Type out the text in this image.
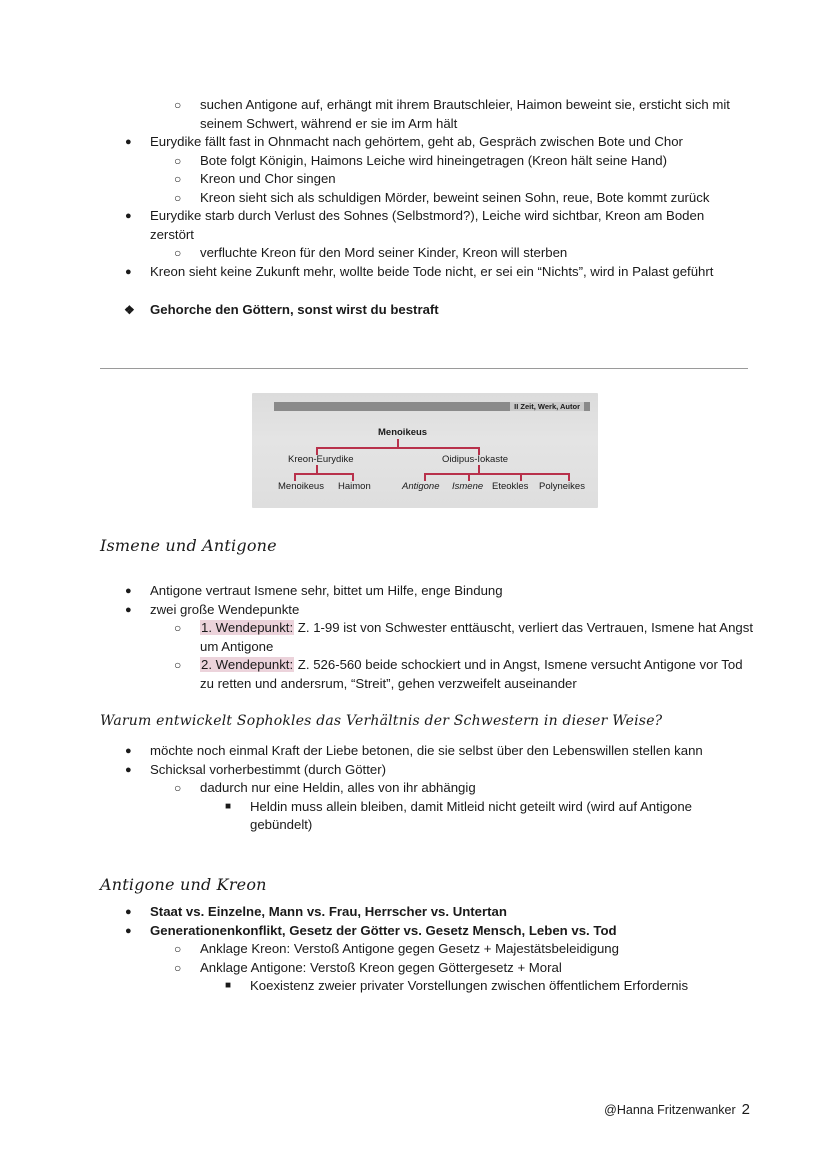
○ suchen Antigone auf, erhängt mit ihrem Brautschleier, Haimon beweint sie, ersticht sich mit seinem Schwert, während er sie im Arm hält
● Eurydike fällt fast in Ohnmacht nach gehörtem, geht ab, Gespräch zwischen Bote und Chor
○ Bote folgt Königin, Haimons Leiche wird hineingetragen (Kreon hält seine Hand)
○ Kreon und Chor singen
○ Kreon sieht sich als schuldigen Mörder, beweint seinen Sohn, reue, Bote kommt zurück
● Eurydike starb durch Verlust des Sohnes (Selbstmord?), Leiche wird sichtbar, Kreon am Boden zerstört
○ verfluchte Kreon für den Mord seiner Kinder, Kreon will sterben
● Kreon sieht keine Zukunft mehr, wollte beide Tode nicht, er sei ein “Nichts”, wird in Palast geführt
❖ Gehorche den Göttern, sonst wirst du bestraft
II Zeit, Werk, Autor
Menoikeus
Kreon-Eurydike	Oidipus-Iokaste
Menoikeus Haimon	Antigone Ismene Eteokles Polyneikes
Ismene und Antigone
● Antigone vertraut Ismene sehr, bittet um Hilfe, enge Bindung
● zwei große Wendepunkte
○ 1. Wendepunkt: Z. 1-99 ist von Schwester enttäuscht, verliert das Vertrauen, Ismene hat Angst um Antigone
○ 2. Wendepunkt: Z. 526-560 beide schockiert und in Angst, Ismene versucht Antigone vor Tod zu retten und andersrum, “Streit”, gehen verzweifelt auseinander
Warum entwickelt Sophokles das Verhältnis der Schwestern in dieser Weise?
● möchte noch einmal Kraft der Liebe betonen, die sie selbst über den Lebenswillen stellen kann
● Schicksal vorherbestimmt (durch Götter)
○ dadurch nur eine Heldin, alles von ihr abhängig
■ Heldin muss allein bleiben, damit Mitleid nicht geteilt wird (wird auf Antigone gebündelt)
Antigone und Kreon
● Staat vs. Einzelne, Mann vs. Frau, Herrscher vs. Untertan
● Generationenkonflikt, Gesetz der Götter vs. Gesetz Mensch, Leben vs. Tod
○ Anklage Kreon: Verstoß Antigone gegen Gesetz + Majestätsbeleidigung
○ Anklage Antigone: Verstoß Kreon gegen Göttergesetz + Moral
■ Koexistenz zweier privater Vorstellungen zwischen öffentlichem Erfordernis
@Hanna Fritzenwanker 2
